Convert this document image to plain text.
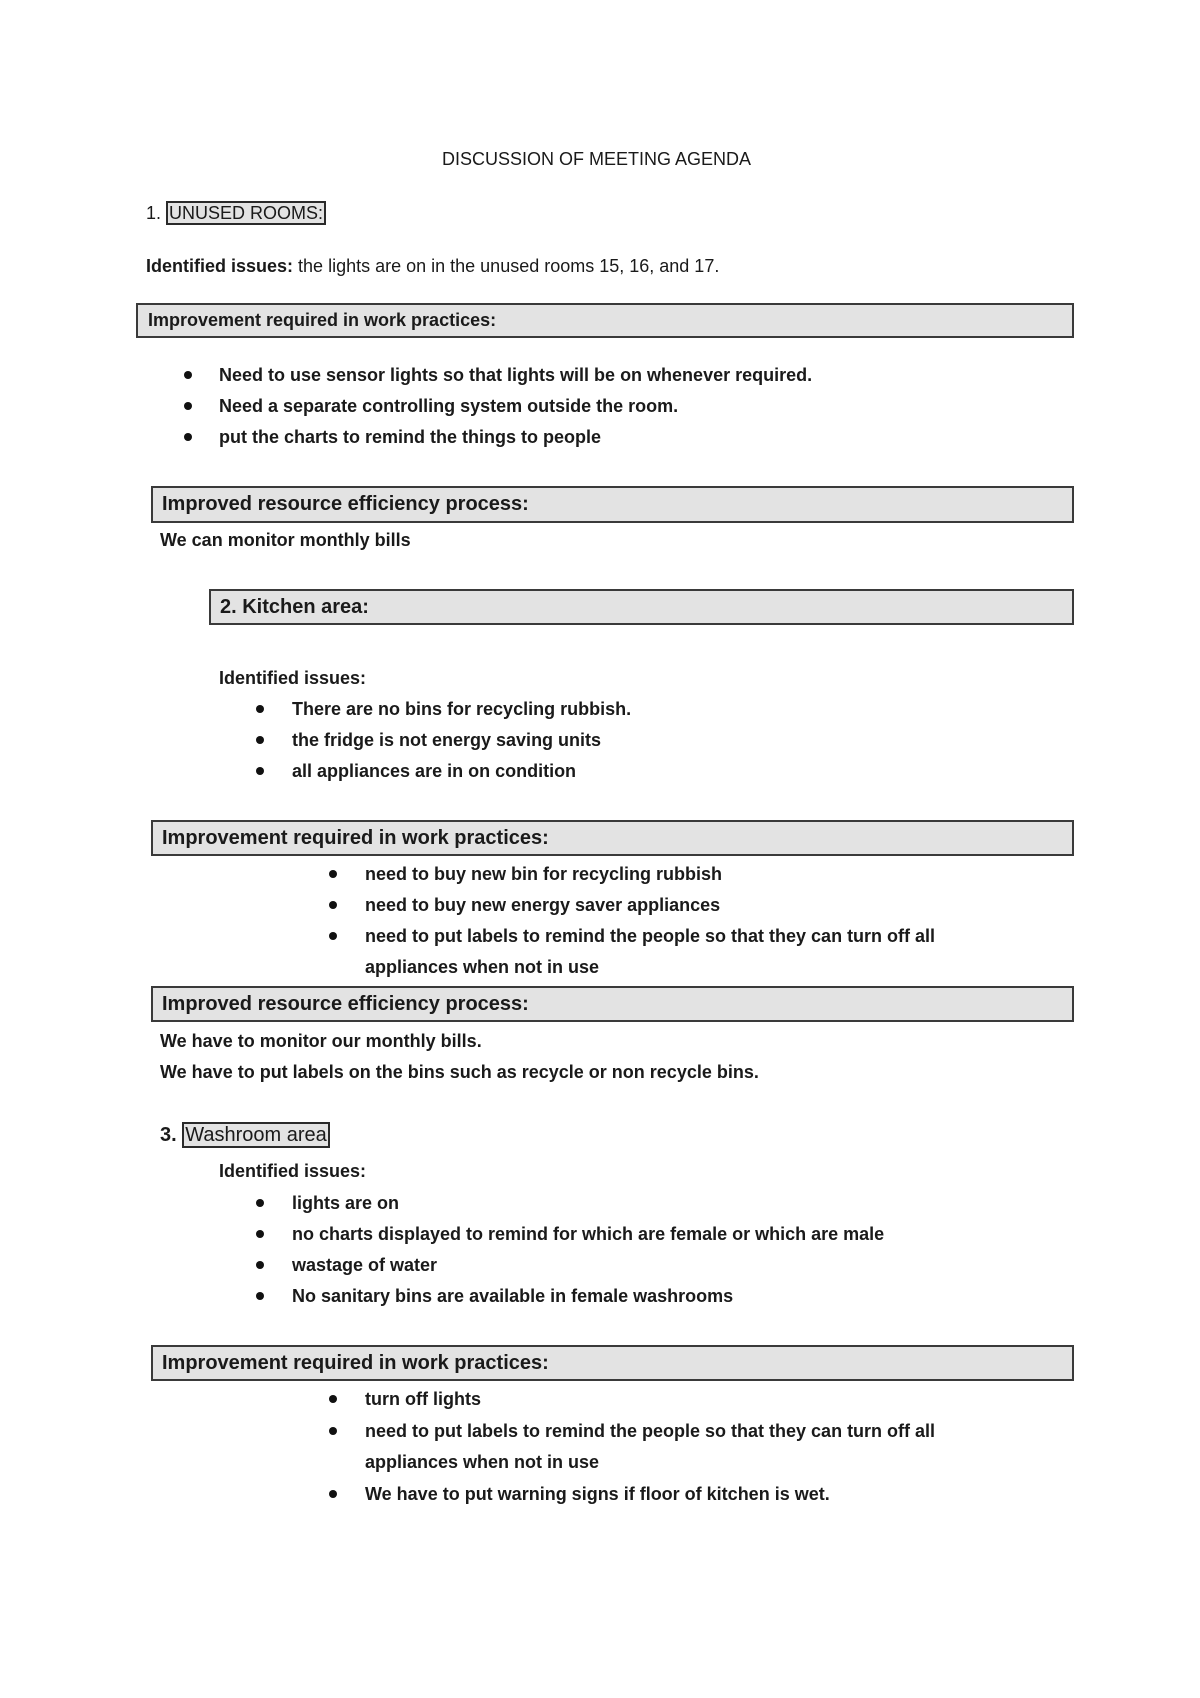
DISCUSSION OF MEETING AGENDA
1. UNUSED ROOMS:
Identified issues: the lights are on in the unused rooms 15, 16, and 17.
Improvement required in work practices:
Need to use sensor lights so that lights will be on whenever required.
Need a separate controlling system outside the room.
put the charts to remind the things to people
Improved resource efficiency process:
We can monitor monthly bills
2. Kitchen area:
Identified issues:
There are no bins for recycling rubbish.
the fridge is not energy saving units
all appliances are in on condition
Improvement required in work practices:
need to buy new bin for recycling rubbish
need to buy new energy saver appliances
need to put labels to remind the people so that they can turn off all
appliances when not in use
Improved resource efficiency process:
We have to monitor our monthly bills.
We have to put labels on the bins such as recycle or non recycle bins.
3. Washroom area
Identified issues:
lights are on
no charts displayed to remind for which are female or which are male
wastage of water
No sanitary bins are available in female washrooms
Improvement required in work practices:
turn off lights
need to put labels to remind the people so that they can turn off all
appliances when not in use
We have to put warning signs if floor of kitchen is wet.
